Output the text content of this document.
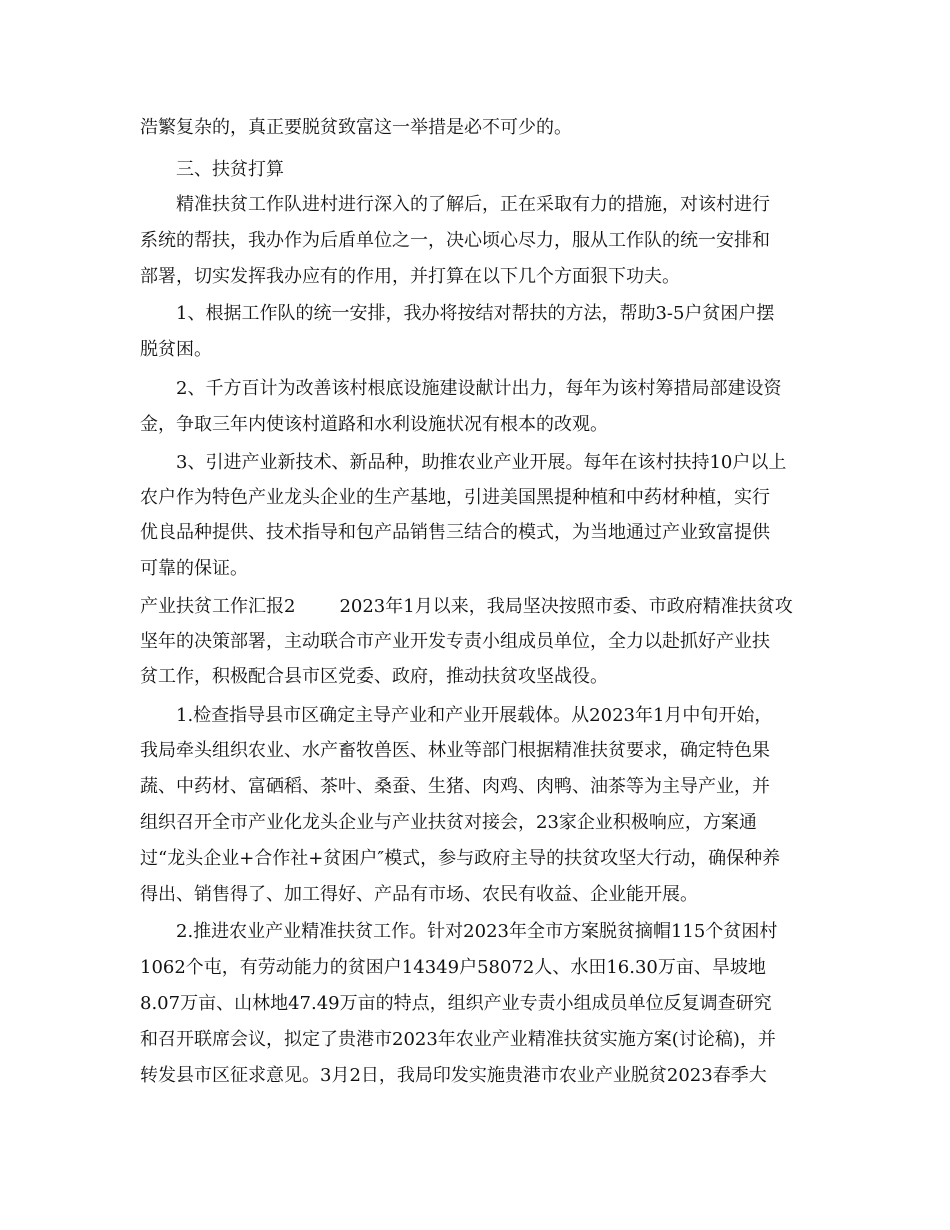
浩繁复杂的，真正要脱贫致富这一举措是必不可少的。
三、扶贫打算
精准扶贫工作队进村进行深入的了解后，正在采取有力的措施，对该村进行
系统的帮扶，我办作为后盾单位之一，决心顷心尽力，服从工作队的统一安排和
部署，切实发挥我办应有的作用，并打算在以下几个方面狠下功夫。
1、根据工作队的统一安排，我办将按结对帮扶的方法，帮助3-5户贫困户摆
脱贫困。
2、千方百计为改善该村根底设施建设献计出力，每年为该村筹措局部建设资
金，争取三年内使该村道路和水利设施状况有根本的改观。
3、引进产业新技术、新品种，助推农业产业开展。每年在该村扶持10户以上
农户作为特色产业龙头企业的生产基地，引进美国黑提种植和中药材种植，实行
优良品种提供、技术指导和包产品销售三结合的模式，为当地通过产业致富提供
可靠的保证。
产业扶贫工作汇报2 2023年1月以来，我局坚决按照市委、市政府精准扶贫攻
坚年的决策部署，主动联合市产业开发专责小组成员单位，全力以赴抓好产业扶
贫工作，积极配合县市区党委、政府，推动扶贫攻坚战役。
1.检查指导县市区确定主导产业和产业开展载体。从2023年1月中旬开始，
我局牵头组织农业、水产畜牧兽医、林业等部门根据精准扶贫要求，确定特色果
蔬、中药材、富硒稻、茶叶、桑蚕、生猪、肉鸡、肉鸭、油茶等为主导产业，并
组织召开全市产业化龙头企业与产业扶贫对接会，23家企业积极响应，方案通
过“龙头企业+合作社+贫困户″模式，参与政府主导的扶贫攻坚大行动，确保种养
得出、销售得了、加工得好、产品有市场、农民有收益、企业能开展。
2.推进农业产业精准扶贫工作。针对2023年全市方案脱贫摘帽115个贫困村
1062个屯，有劳动能力的贫困户14349户58072人、水田16.30万亩、旱坡地
8.07万亩、山林地47.49万亩的特点，组织产业专责小组成员单位反复调查研究
和召开联席会议，拟定了贵港市2023年农业产业精准扶贫实施方案(讨论稿)，并
转发县市区征求意见。3月2日，我局印发实施贵港市农业产业脱贫2023春季大
